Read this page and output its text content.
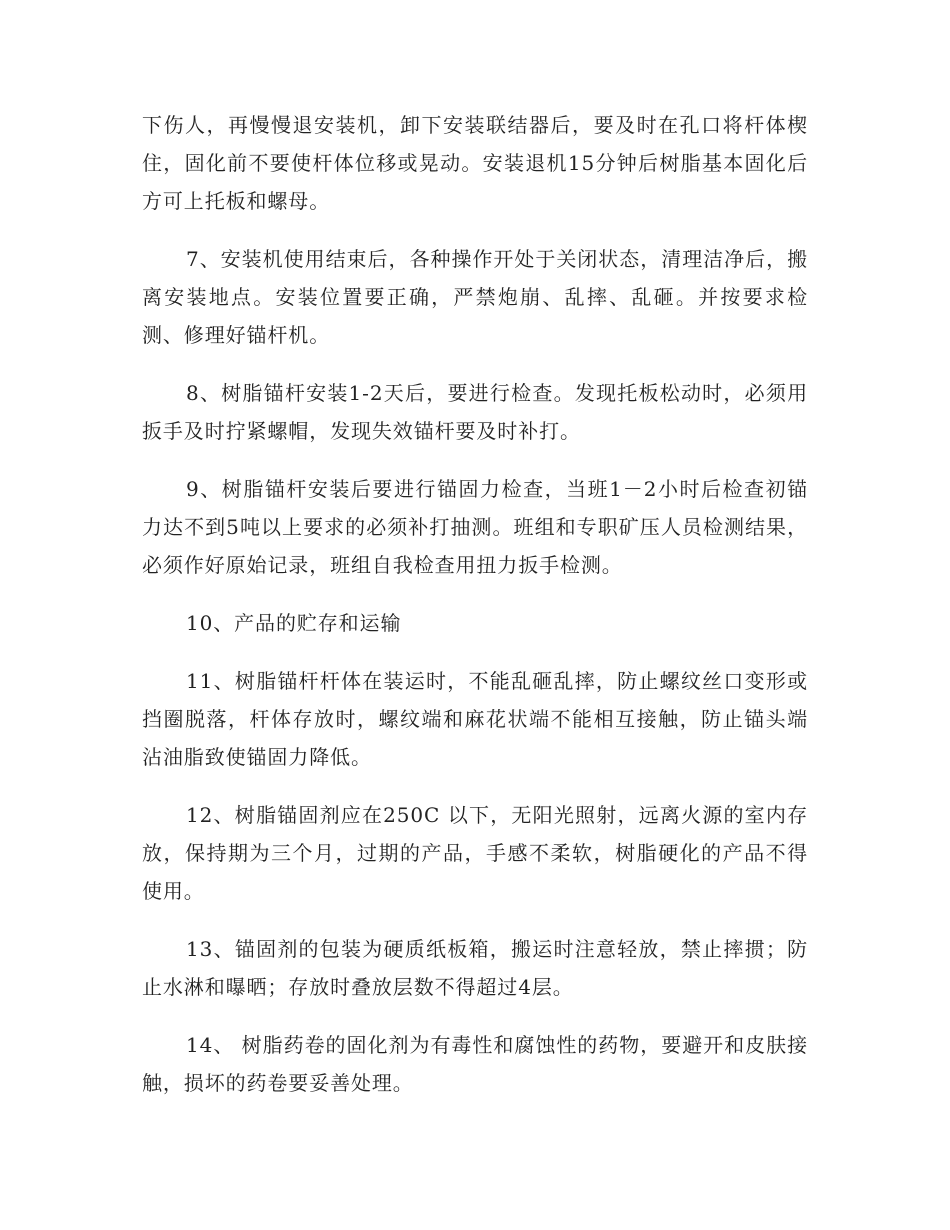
下伤人，再慢慢退安装机，卸下安装联结器后，要及时在孔口将杆体楔住，固化前不要使杆体位移或晃动。安装退机15分钟后树脂基本固化后方可上托板和螺母。

7、安装机使用结束后，各种操作开处于关闭状态，清理洁净后，搬离安装地点。安装位置要正确，严禁炮崩、乱摔、乱砸。并按要求检测、修理好锚杆机。

8、树脂锚杆安装1-2天后，要进行检查。发现托板松动时，必须用扳手及时拧紧螺帽，发现失效锚杆要及时补打。

9、树脂锚杆安装后要进行锚固力检查，当班1－2小时后检查初锚力达不到5吨以上要求的必须补打抽测。班组和专职矿压人员检测结果，必须作好原始记录，班组自我检查用扭力扳手检测。

10、产品的贮存和运输

11、树脂锚杆杆体在装运时，不能乱砸乱摔，防止螺纹丝口变形或挡圈脱落，杆体存放时，螺纹端和麻花状端不能相互接触，防止锚头端沾油脂致使锚固力降低。

12、树脂锚固剂应在250C 以下，无阳光照射，远离火源的室内存放，保持期为三个月，过期的产品，手感不柔软，树脂硬化的产品不得使用。

13、锚固剂的包装为硬质纸板箱，搬运时注意轻放，禁止摔掼；防止水淋和曝晒；存放时叠放层数不得超过4层。

14、 树脂药卷的固化剂为有毒性和腐蚀性的药物，要避开和皮肤接触，损坏的药卷要妥善处理。
